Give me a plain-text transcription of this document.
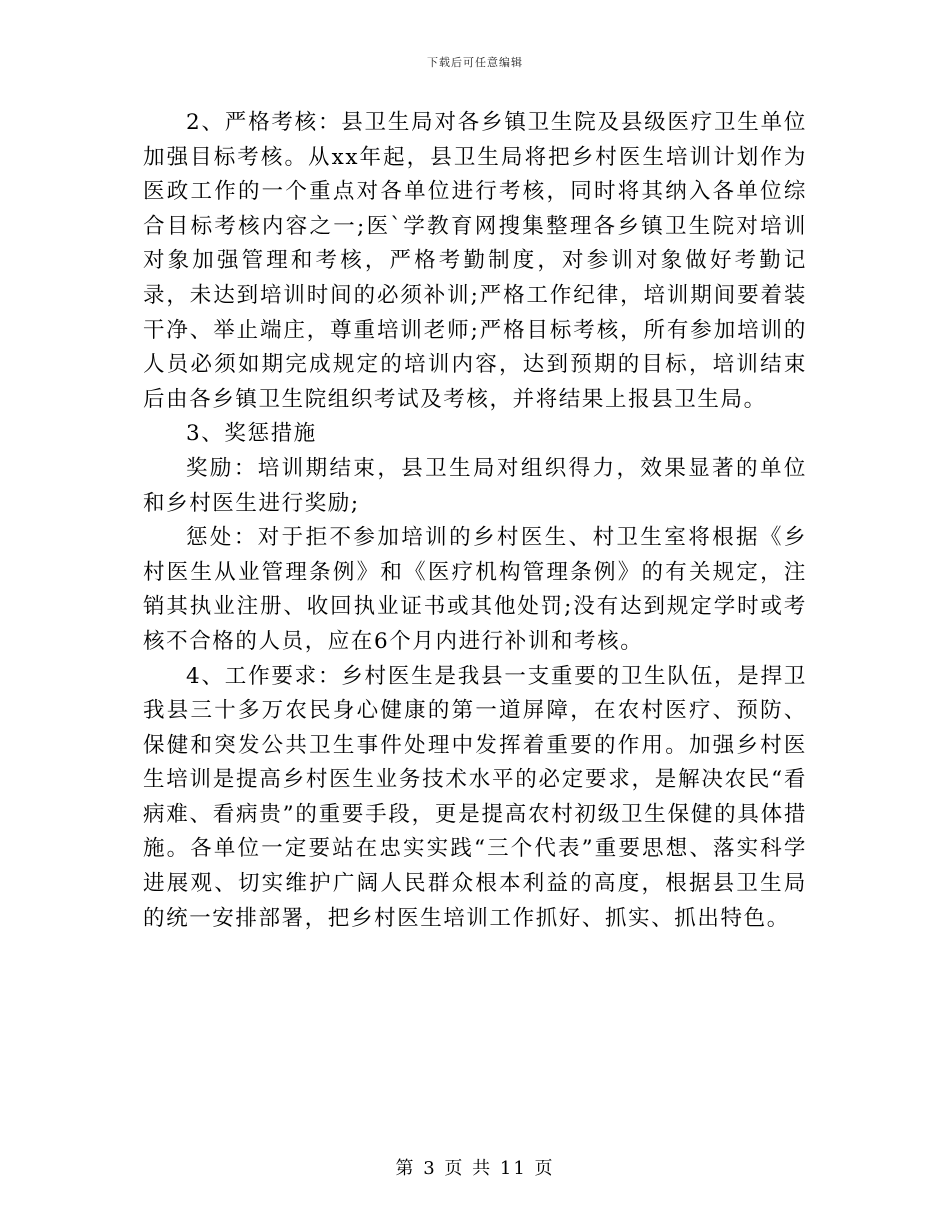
下载后可任意编辑

2、严格考核：县卫生局对各乡镇卫生院及县级医疗卫生单位加强目标考核。从xx年起，县卫生局将把乡村医生培训计划作为医政工作的一个重点对各单位进行考核，同时将其纳入各单位综合目标考核内容之一;医`学教育网搜集整理各乡镇卫生院对培训对象加强管理和考核，严格考勤制度，对参训对象做好考勤记录，未达到培训时间的必须补训;严格工作纪律，培训期间要着装干净、举止端庄，尊重培训老师;严格目标考核，所有参加培训的人员必须如期完成规定的培训内容，达到预期的目标，培训结束后由各乡镇卫生院组织考试及考核，并将结果上报县卫生局。

3、奖惩措施

奖励：培训期结束，县卫生局对组织得力，效果显著的单位和乡村医生进行奖励;

惩处：对于拒不参加培训的乡村医生、村卫生室将根据《乡村医生从业管理条例》和《医疗机构管理条例》的有关规定，注销其执业注册、收回执业证书或其他处罚;没有达到规定学时或考核不合格的人员，应在6个月内进行补训和考核。

4、工作要求：乡村医生是我县一支重要的卫生队伍，是捍卫我县三十多万农民身心健康的第一道屏障，在农村医疗、预防、保健和突发公共卫生事件处理中发挥着重要的作用。加强乡村医生培训是提高乡村医生业务技术水平的必定要求，是解决农民“看病难、看病贵”的重要手段，更是提高农村初级卫生保健的具体措施。各单位一定要站在忠实实践“三个代表”重要思想、落实科学进展观、切实维护广阔人民群众根本利益的高度，根据县卫生局的统一安排部署，把乡村医生培训工作抓好、抓实、抓出特色。

第 3 页 共 11 页
